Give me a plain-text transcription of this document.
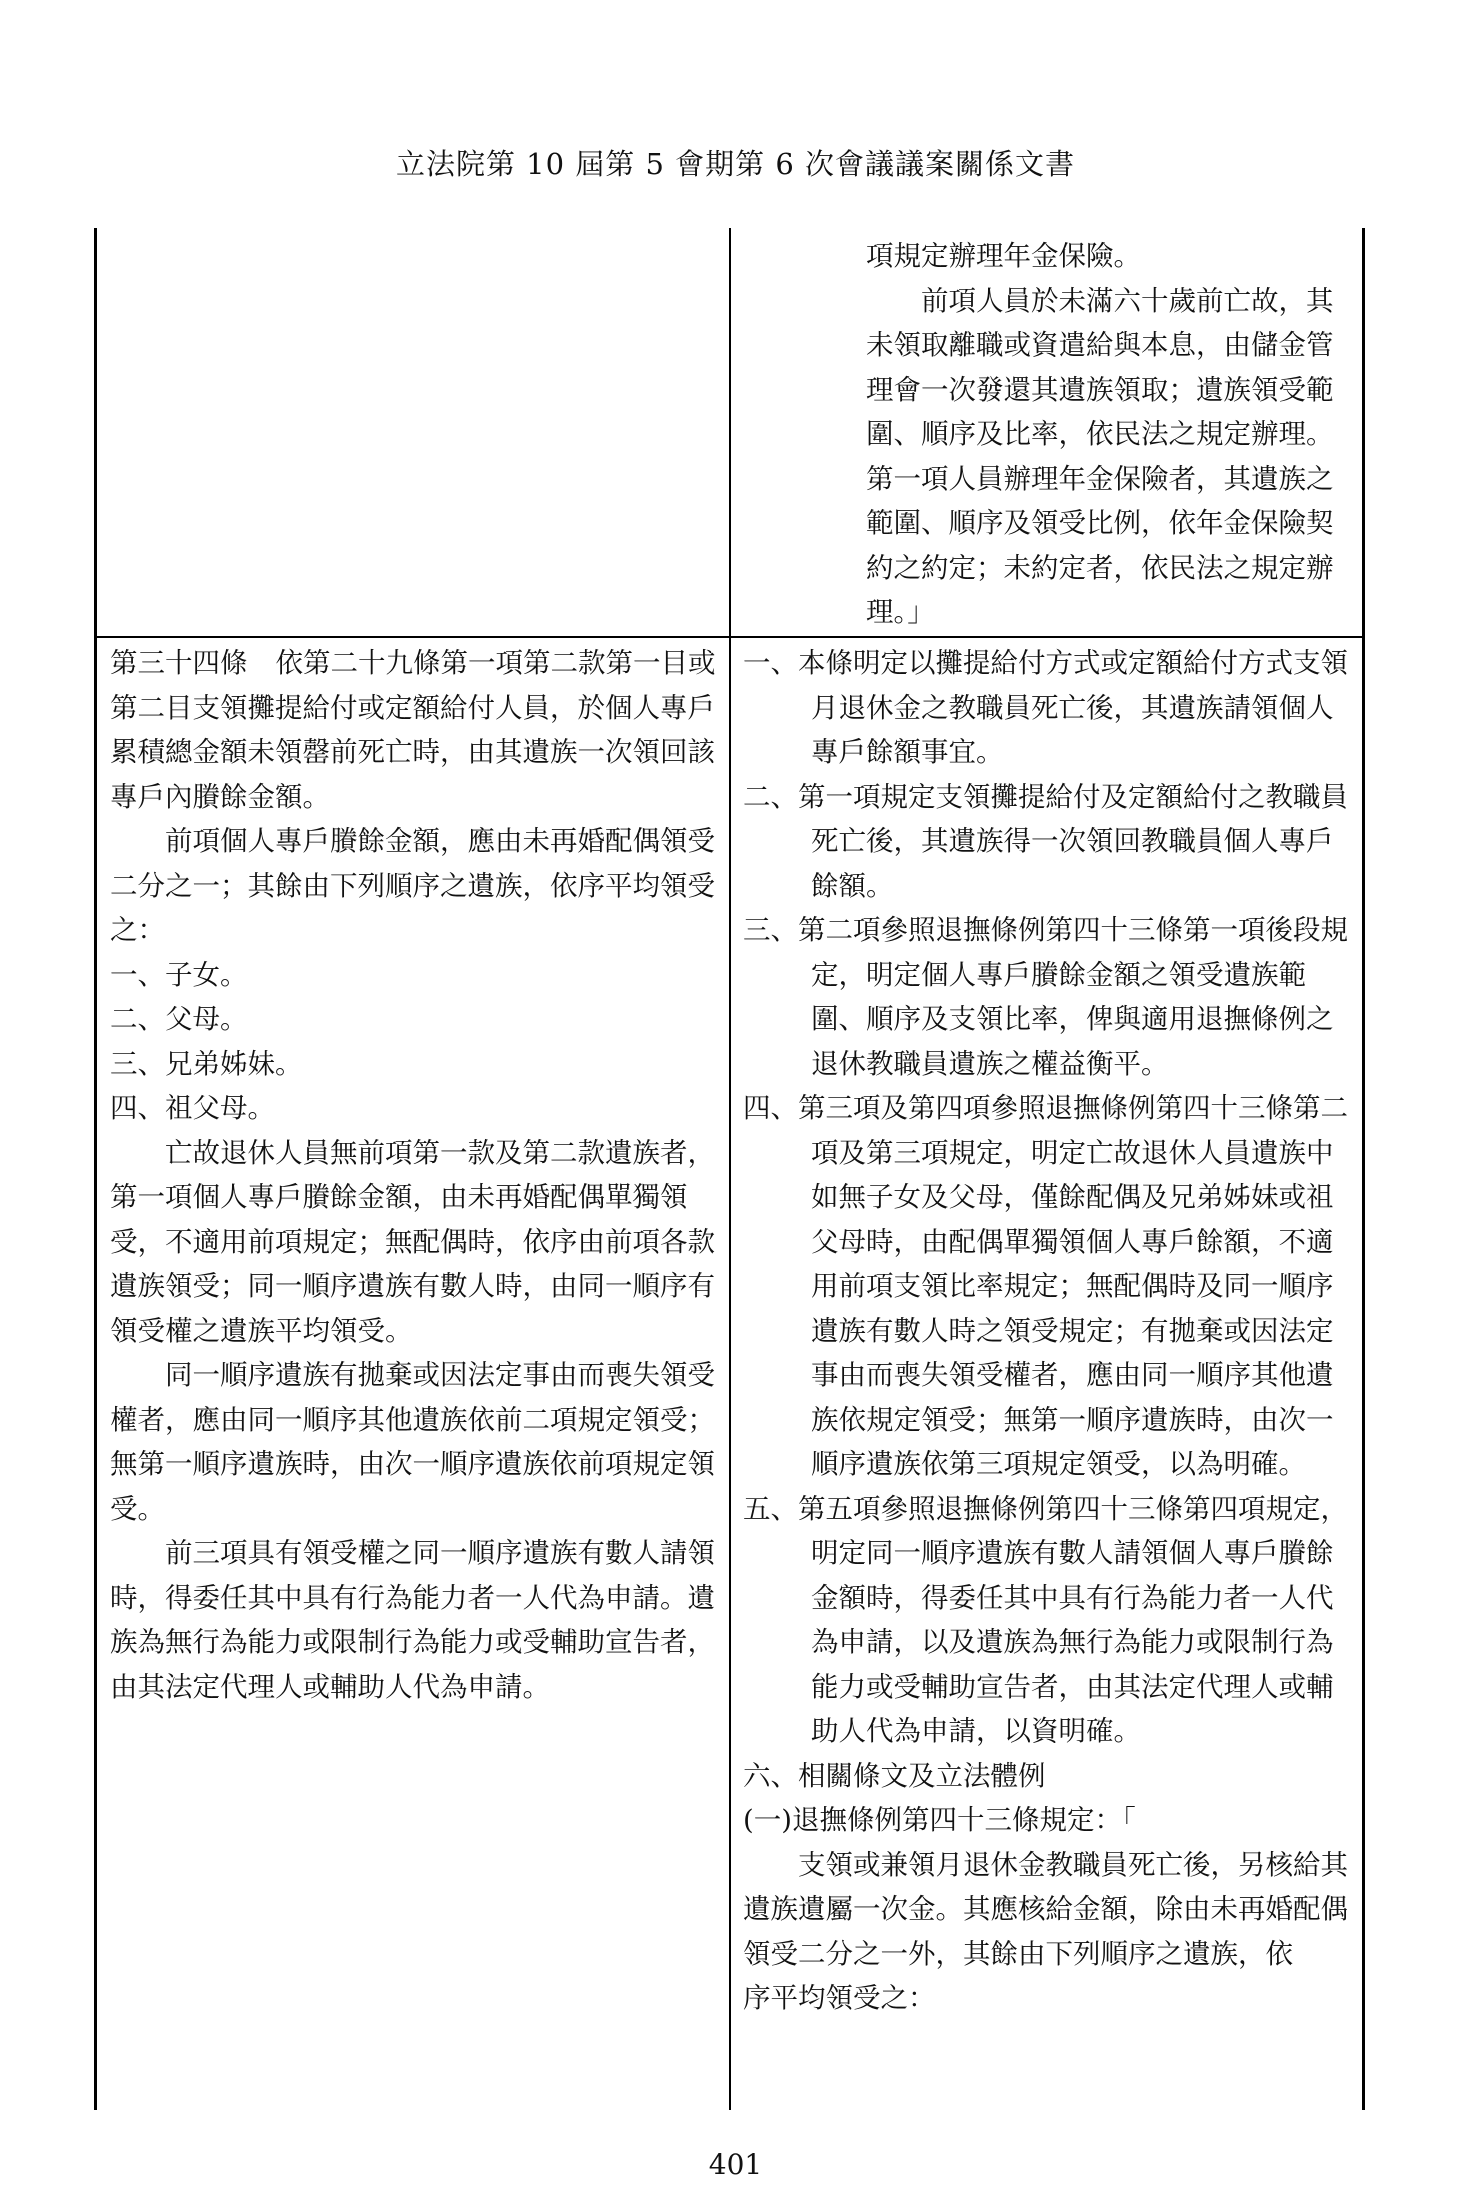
立法院第 10 屆第 5 會期第 6 次會議議案關係文書

項規定辦理年金保險。

前項人員於未滿六十歲前亡故，其未領取離職或資遣給與本息，由儲金管理會一次發還其遺族領取；遺族領受範圍、順序及比率，依民法之規定辦理。第一項人員辦理年金保險者，其遺族之範圍、順序及領受比例，依年金保險契約之約定；未約定者，依民法之規定辦理。」

第三十四條 依第二十九條第一項第二款第一目或第二目支領攤提給付或定額給付人員，於個人專戶累積總金額未領罄前死亡時，由其遺族一次領回該專戶內賸餘金額。

前項個人專戶賸餘金額，應由未再婚配偶領受二分之一；其餘由下列順序之遺族，依序平均領受之：

一、子女。

二、父母。

三、兄弟姊妹。

四、祖父母。

亡故退休人員無前項第一款及第二款遺族者，第一項個人專戶賸餘金額，由未再婚配偶單獨領受，不適用前項規定；無配偶時，依序由前項各款遺族領受；同一順序遺族有數人時，由同一順序有領受權之遺族平均領受。

同一順序遺族有拋棄或因法定事由而喪失領受權者，應由同一順序其他遺族依前二項規定領受；無第一順序遺族時，由次一順序遺族依前項規定領受。

前三項具有領受權之同一順序遺族有數人請領時，得委任其中具有行為能力者一人代為申請。遺族為無行為能力或限制行為能力或受輔助宣告者，由其法定代理人或輔助人代為申請。

一、本條明定以攤提給付方式或定額給付方式支領月退休金之教職員死亡後，其遺族請領個人專戶餘額事宜。

二、第一項規定支領攤提給付及定額給付之教職員死亡後，其遺族得一次領回教職員個人專戶餘額。

三、第二項參照退撫條例第四十三條第一項後段規定，明定個人專戶賸餘金額之領受遺族範圍、順序及支領比率，俾與適用退撫條例之退休教職員遺族之權益衡平。

四、第三項及第四項參照退撫條例第四十三條第二項及第三項規定，明定亡故退休人員遺族中如無子女及父母，僅餘配偶及兄弟姊妹或祖父母時，由配偶單獨領個人專戶餘額，不適用前項支領比率規定；無配偶時及同一順序遺族有數人時之領受規定；有拋棄或因法定事由而喪失領受權者，應由同一順序其他遺族依規定領受；無第一順序遺族時，由次一順序遺族依第三項規定領受，以為明確。

五、第五項參照退撫條例第四十三條第四項規定，明定同一順序遺族有數人請領個人專戶賸餘金額時，得委任其中具有行為能力者一人代為申請，以及遺族為無行為能力或限制行為能力或受輔助宣告者，由其法定代理人或輔助人代為申請，以資明確。

六、相關條文及立法體例

(一)退撫條例第四十三條規定：「

支領或兼領月退休金教職員死亡後，另核給其遺族遺屬一次金。其應核給金額，除由未再婚配偶領受二分之一外，其餘由下列順序之遺族，依

序平均領受之：

401
